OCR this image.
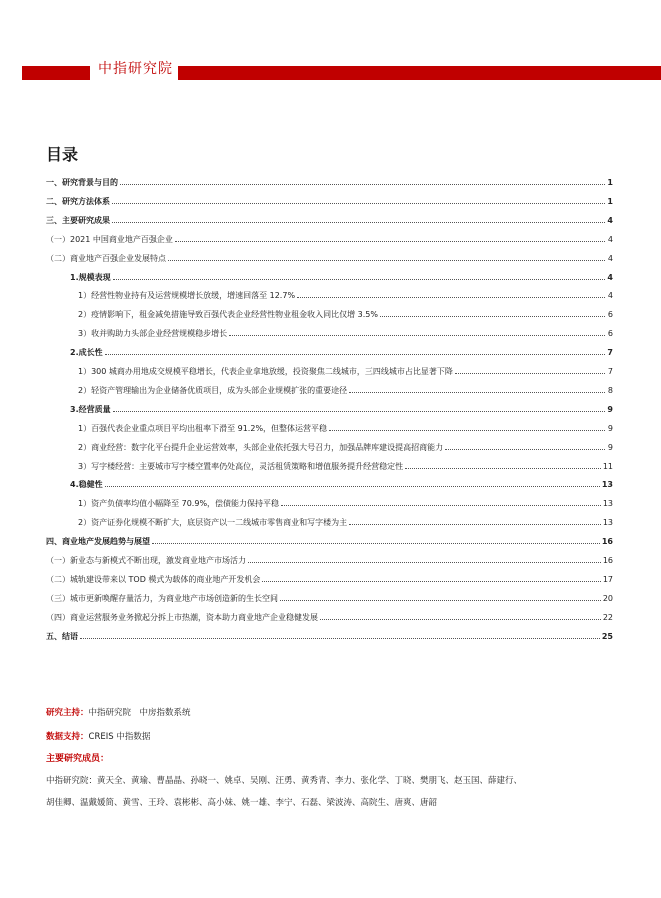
中指研究院
目录
一、研究背景与目的	1
二、研究方法体系	1
三、主要研究成果	4
（一）2021 中国商业地产百强企业	4
（二）商业地产百强企业发展特点	4
1.规模表现	4
1）经营性物业持有及运营规模增长放缓，增速回落至 12.7%	4
2）疫情影响下，租金减免措施导致百强代表企业经营性物业租金收入同比仅增 3.5%	6
3）收并购助力头部企业经营规模稳步增长	6
2.成长性	7
1）300 城商办用地成交规模平稳增长，代表企业拿地放缓，投资聚焦二线城市，三四线城市占比显著下降	7
2）轻资产管理输出为企业储备优质项目，成为头部企业规模扩张的重要途径	8
3.经营质量	9
1）百强代表企业重点项目平均出租率下滑至 91.2%，但整体运营平稳	9
2）商业经营：数字化平台提升企业运营效率，头部企业依托强大号召力，加强品牌库建设提高招商能力	9
3）写字楼经营：主要城市写字楼空置率仍处高位，灵活租赁策略和增值服务提升经营稳定性	11
4.稳健性	13
1）资产负债率均值小幅降至 70.9%，偿债能力保持平稳	13
2）资产证券化规模不断扩大，底层资产以一二线城市零售商业和写字楼为主	13
四、商业地产发展趋势与展望	16
（一）新业态与新模式不断出现，激发商业地产市场活力	16
（二）城轨建设带来以 TOD 模式为载体的商业地产开发机会	17
（三）城市更新唤醒存量活力，为商业地产市场创造新的生长空间	20
（四）商业运营服务业务掀起分拆上市热潮，资本助力商业地产企业稳健发展	22
五、结语	25
研究主持：中指研究院　中房指数系统
数据支持：CREIS 中指数据
主要研究成员：
中指研究院：黄天全、黄瑜、曹晶晶、孙晓一、姚卓、吴刚、汪勇、黄秀青、李力、张化学、丁晓、樊朋飞、赵玉国、薛建行、
胡佳卿、温戴媛简、黄雪、王玲、袁彬彬、高小妹、姚一雄、李宁、石磊、梁波涛、高院生、唐爽、唐韶
